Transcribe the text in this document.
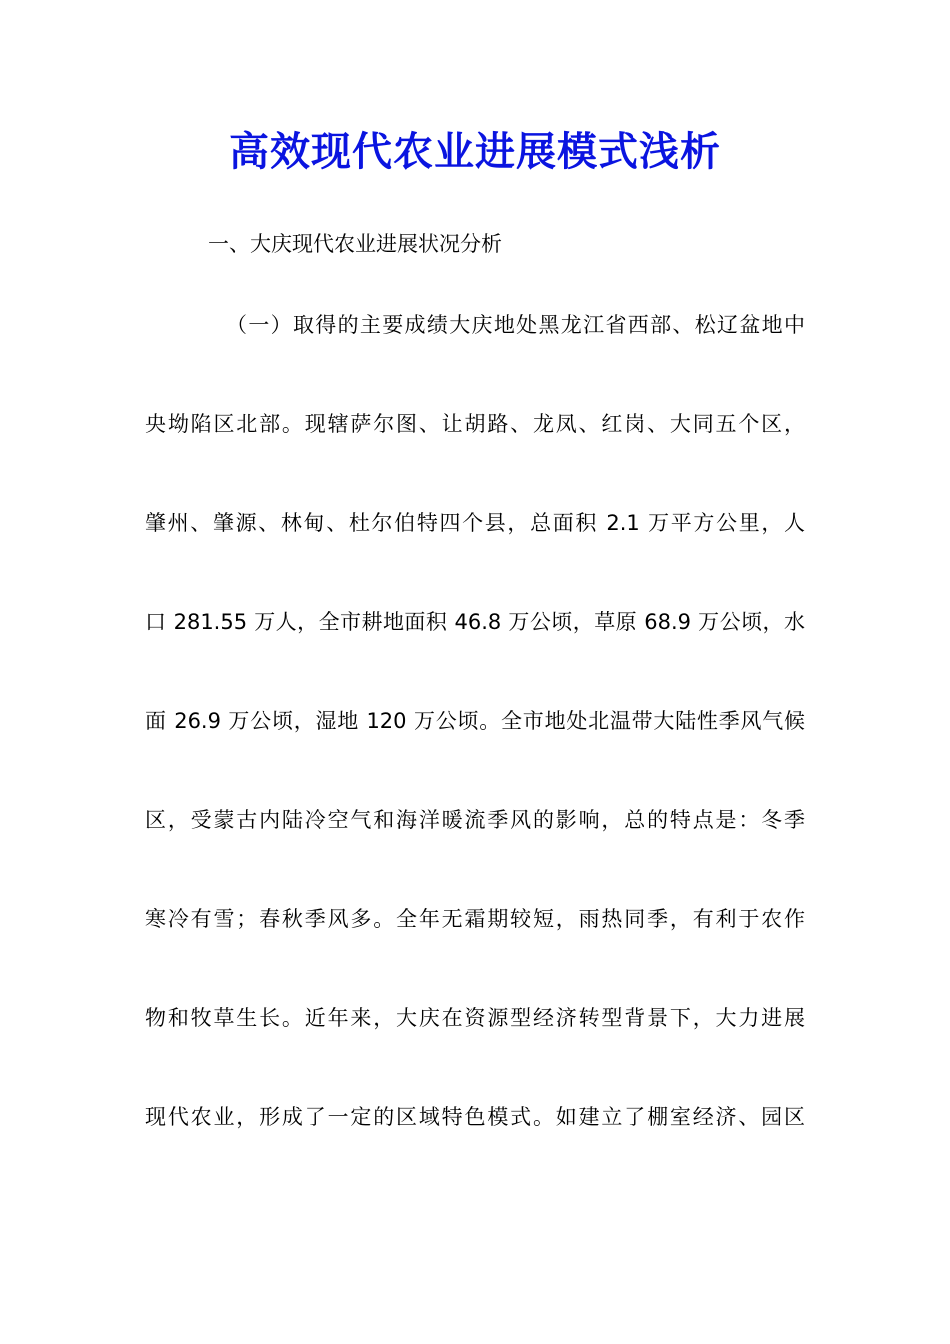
高效现代农业进展模式浅析

一、大庆现代农业进展状况分析

（一）取得的主要成绩大庆地处黑龙江省西部、松辽盆地中

央坳陷区北部。现辖萨尔图、让胡路、龙凤、红岗、大同五个区，

肇州、肇源、林甸、杜尔伯特四个县，总面积 2.1 万平方公里，人

口 281.55 万人，全市耕地面积 46.8 万公顷，草原 68.9 万公顷，水

面 26.9 万公顷，湿地 120 万公顷。全市地处北温带大陆性季风气候

区，受蒙古内陆冷空气和海洋暖流季风的影响，总的特点是：冬季

寒冷有雪；春秋季风多。全年无霜期较短，雨热同季，有利于农作

物和牧草生长。近年来，大庆在资源型经济转型背景下，大力进展

现代农业，形成了一定的区域特色模式。如建立了棚室经济、园区
